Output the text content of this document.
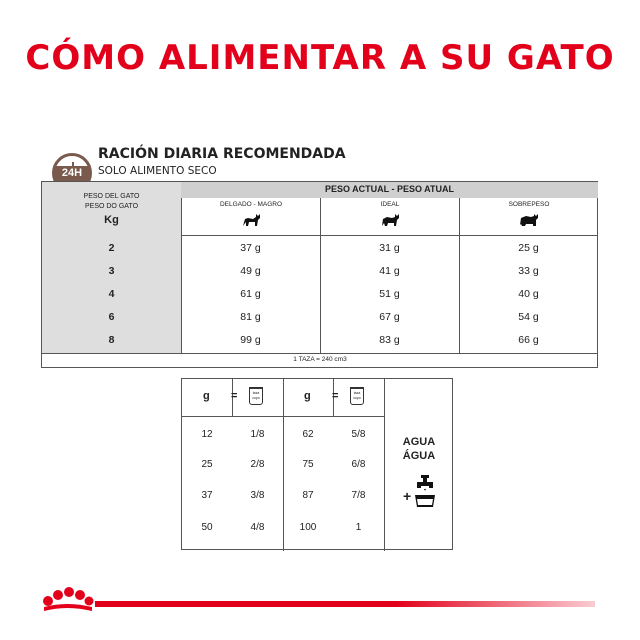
CÓMO ALIMENTAR A SU GATO
24H
RACIÓN DIARIA RECOMENDADA
SOLO ALIMENTO SECO
PESO ACTUAL - PESO ATUAL
PESO DEL GATO
PESO DO GATO
Kg
DELGADO - MAGRO	IDEAL	SOBREPESO
2	37 g	31 g	25 g
3	49 g	41 g	33 g
4	61 g	51 g	40 g
6	81 g	67 g	54 g
8	99 g	83 g	66 g
1 TAZA = 240 cm3
g =	taza copo	g =	taza copo
12	1/8	62	5/8
25	2/8	75	6/8
37	3/8	87	7/8
50	4/8	100	1
AGUA
ÁGUA
+
